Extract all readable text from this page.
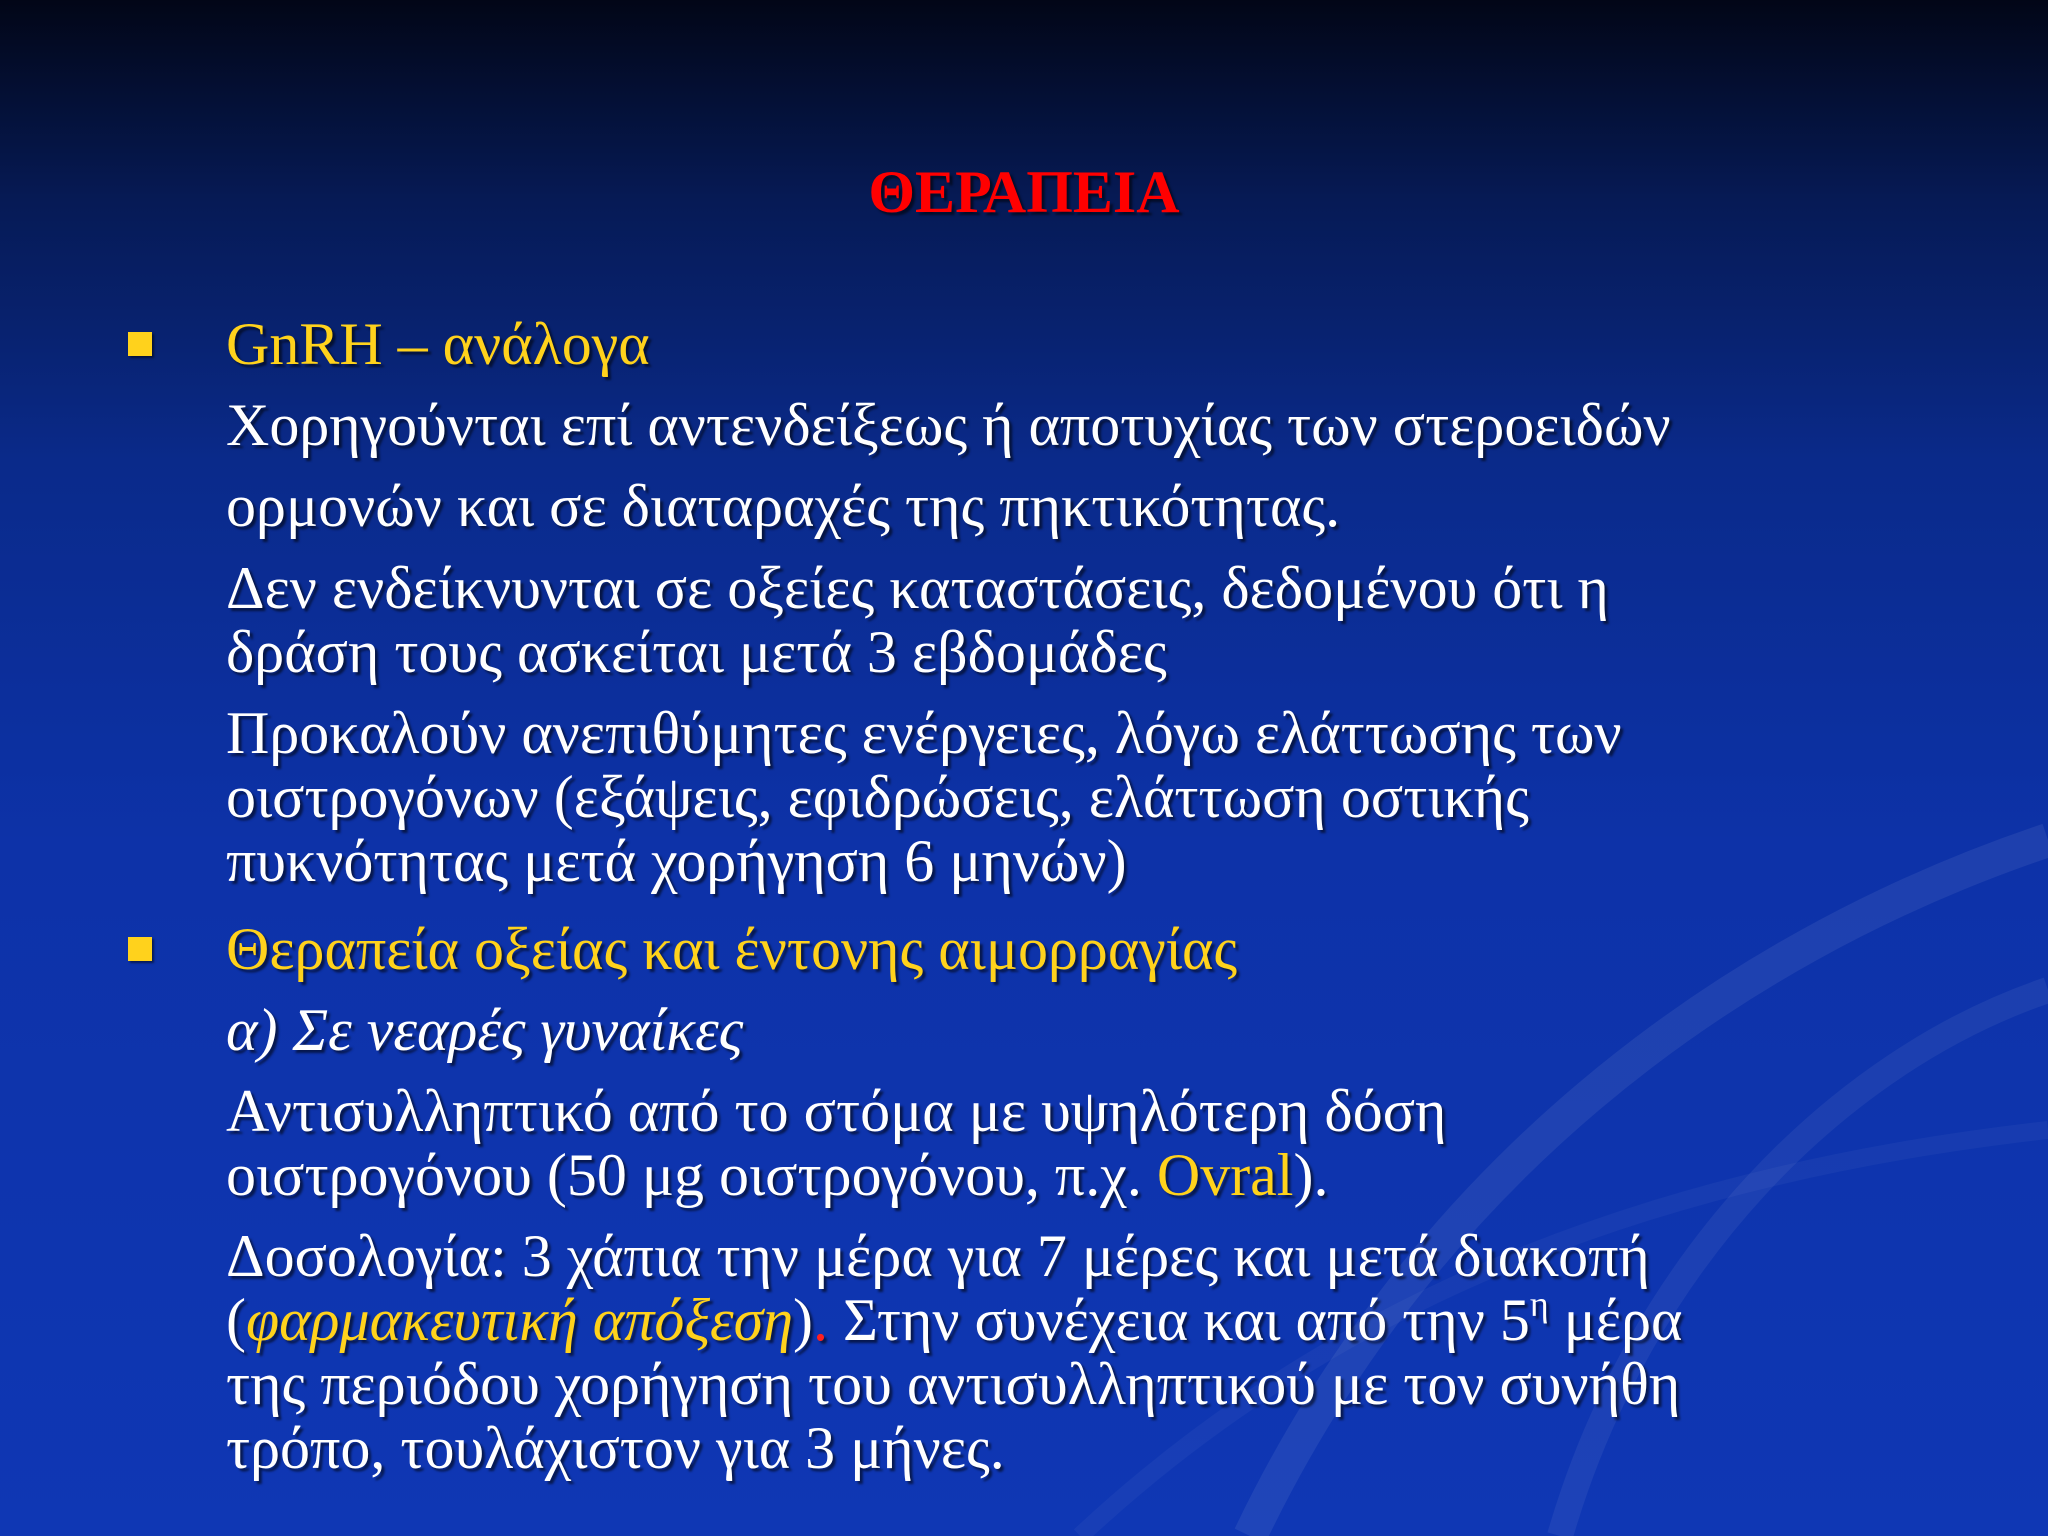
ΘΕΡΑΠΕΙΑ
GnRH – ανάλογα
Χορηγούνται επί αντενδείξεως ή αποτυχίας των στεροειδών
ορμονών και σε διαταραχές της πηκτικότητας.
Δεν ενδείκνυνται σε οξείες καταστάσεις, δεδομένου ότι η
δράση τους ασκείται μετά 3 εβδομάδες
Προκαλούν ανεπιθύμητες ενέργειες, λόγω ελάττωσης των
οιστρογόνων (εξάψεις, εφιδρώσεις, ελάττωση οστικής
πυκνότητας μετά χορήγηση 6 μηνών)
Θεραπεία οξείας και έντονης αιμορραγίας
α) Σε νεαρές γυναίκες
Αντισυλληπτικό από το στόμα με υψηλότερη δόση
οιστρογόνου (50 μg οιστρογόνου, π.χ. Ovral).
Δοσολογία: 3 χάπια την μέρα για 7 μέρες και μετά διακοπή
(φαρμακευτική απόξεση). Στην συνέχεια και από την $5^\eta$ μέρα
της περιόδου χορήγηση του αντισυλληπτικού με τον συνήθη
τρόπο, τουλάχιστον για 3 μήνες.
